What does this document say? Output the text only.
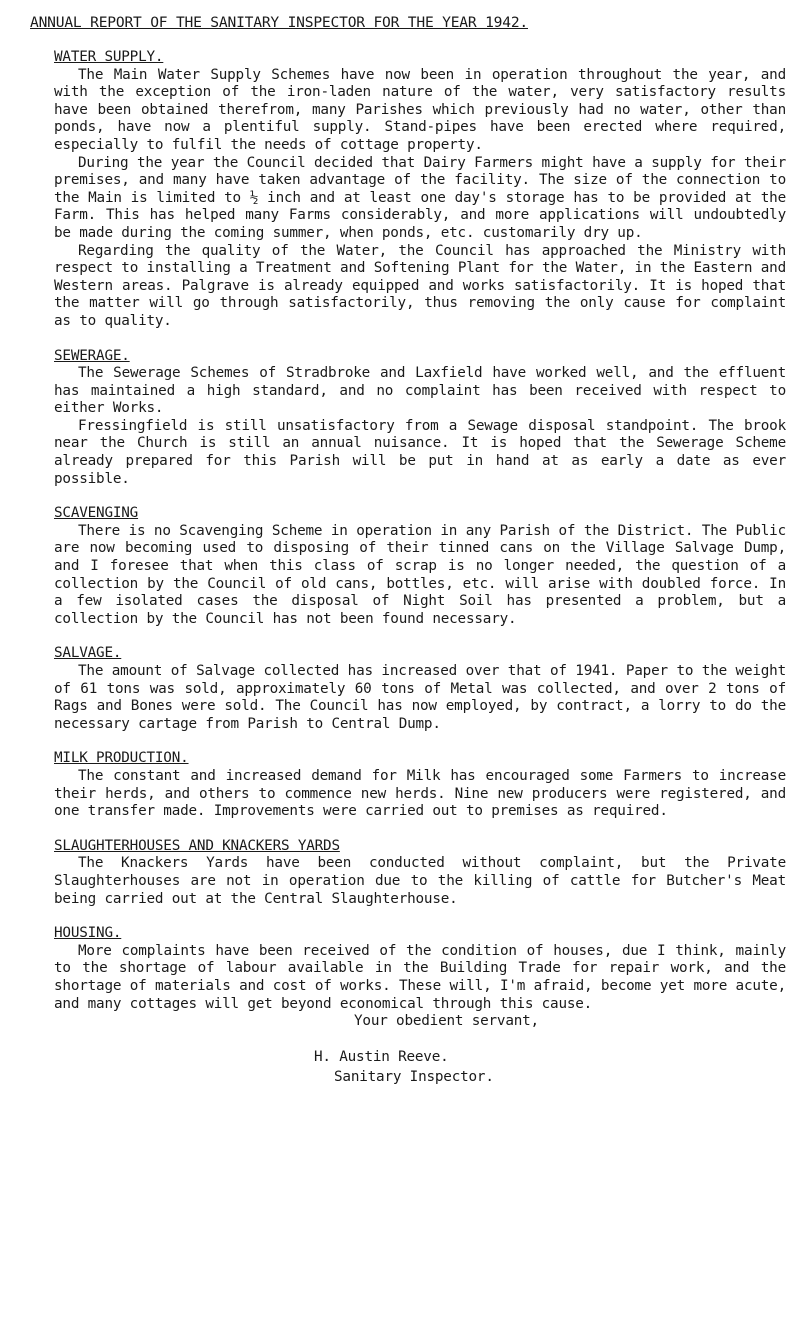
ANNUAL REPORT OF THE SANITARY INSPECTOR FOR THE YEAR 1942.
WATER SUPPLY.

The Main Water Supply Schemes have now been in operation throughout the year, and with the exception of the iron-laden nature of the water, very satisfactory results have been obtained therefrom, many Parishes which previously had no water, other than ponds, have now a plentiful supply. Stand-pipes have been erected where required, especially to fulfil the needs of cottage property.

During the year the Council decided that Dairy Farmers might have a supply for their premises, and many have taken advantage of the facility. The size of the connection to the Main is limited to ½ inch and at least one day's storage has to be provided at the Farm. This has helped many Farms considerably, and more applications will undoubtedly be made during the coming summer, when ponds, etc. customarily dry up.

Regarding the quality of the Water, the Council has approached the Ministry with respect to installing a Treatment and Softening Plant for the Water, in the Eastern and Western areas. Palgrave is already equipped and works satisfactorily. It is hoped that the matter will go through satisfactorily, thus removing the only cause for complaint as to quality.

SEWERAGE.

The Sewerage Schemes of Stradbroke and Laxfield have worked well, and the effluent has maintained a high standard, and no complaint has been received with respect to either Works.

Fressingfield is still unsatisfactory from a Sewage disposal standpoint. The brook near the Church is still an annual nuisance. It is hoped that the Sewerage Scheme already prepared for this Parish will be put in hand at as early a date as ever possible.

SCAVENGING

There is no Scavenging Scheme in operation in any Parish of the District. The Public are now becoming used to disposing of their tinned cans on the Village Salvage Dump, and I foresee that when this class of scrap is no longer needed, the question of a collection by the Council of old cans, bottles, etc. will arise with doubled force. In a few isolated cases the disposal of Night Soil has presented a problem, but a collection by the Council has not been found necessary.

SALVAGE.

The amount of Salvage collected has increased over that of 1941. Paper to the weight of 61 tons was sold, approximately 60 tons of Metal was collected, and over 2 tons of Rags and Bones were sold. The Council has now employed, by contract, a lorry to do the necessary cartage from Parish to Central Dump.

MILK PRODUCTION.

The constant and increased demand for Milk has encouraged some Farmers to increase their herds, and others to commence new herds. Nine new producers were registered, and one transfer made. Improvements were carried out to premises as required.

SLAUGHTERHOUSES AND KNACKERS YARDS

The Knackers Yards have been conducted without complaint, but the Private Slaughterhouses are not in operation due to the killing of cattle for Butcher's Meat being carried out at the Central Slaughterhouse.

HOUSING.

More complaints have been received of the condition of houses, due I think, mainly to the shortage of labour available in the Building Trade for repair work, and the shortage of materials and cost of works. These will, I'm afraid, become yet more acute, and many cottages will get beyond economical through this cause.

Your obedient servant,
H. Austin Reeve.
Sanitary Inspector.
